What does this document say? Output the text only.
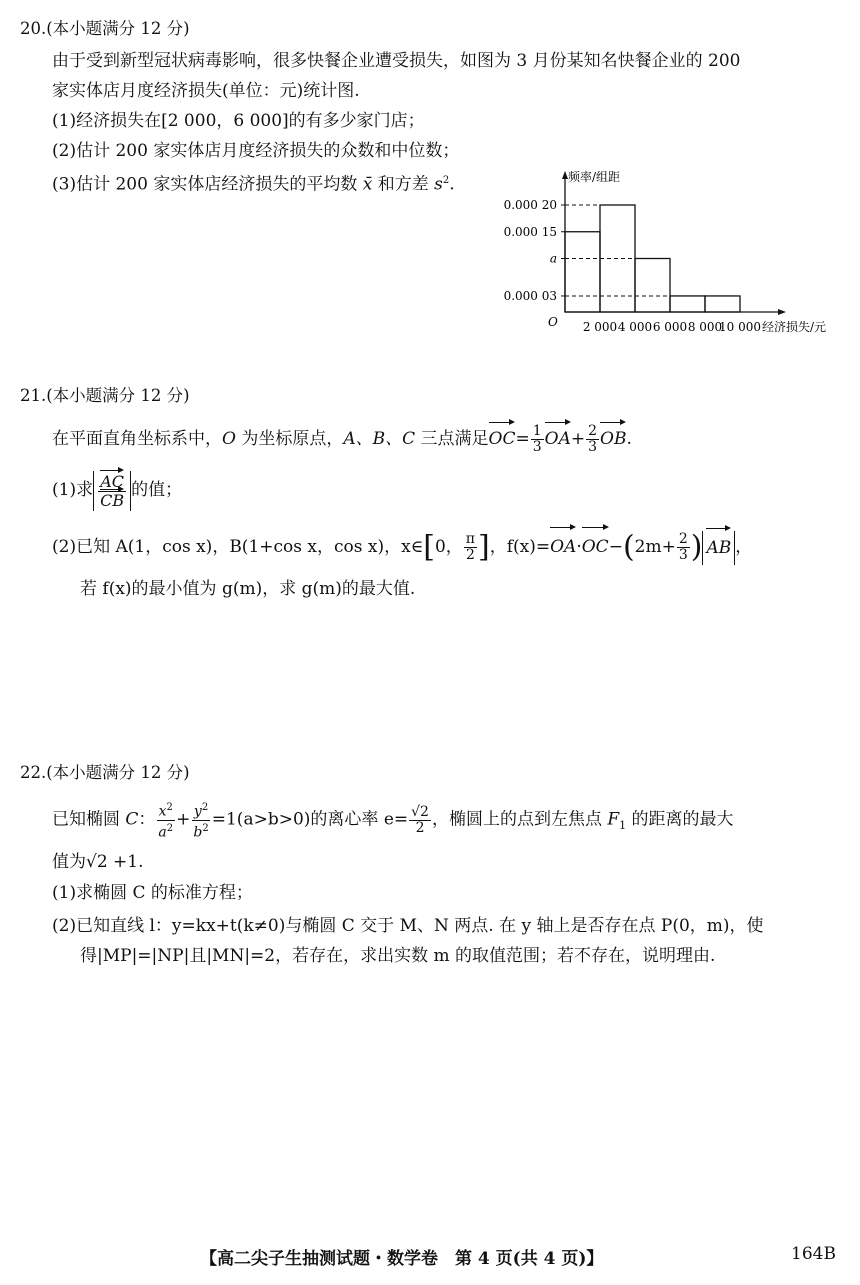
20.(本小题满分 12 分)
由于受到新型冠状病毒影响，很多快餐企业遭受损失，如图为 3 月份某知名快餐企业的 200
家实体店月度经济损失(单位：元)统计图.
(1)经济损失在[2 000，6 000]的有多少家门店；
(2)估计 200 家实体店月度经济损失的众数和中位数；
(3)估计 200 家实体店经济损失的平均数 x̄ 和方差 $s^2$.	频率/组距
经济损失/元
O
0.000 20
0.000 15
a
0.000 03
2 000 4 000 6 000 8 000
10 000
21.(本小题满分 12 分)
在平面直角坐标系中，O 为坐标原点，A、B、C 三点满足$OC= \frac{1}{3} OA+ \frac{2}{3}$ OB.
(1)求 $\frac{AC}{CB}$ 的值；
(2)已知 A(1，cos x)，B(1+cos x，cos x)，x∈[0， $\frac{\pi}{2}$ ]，$f(x)=OA\cdot OC-(2m+ \frac{2}{3}$ ) AB ，
若 f(x)的最小值为 g(m)，求 g(m)的最大值.
22.(本小题满分 12 分)
已知椭圆 C： $\frac{x^2}{a^2} + \frac{y^2}{b^2} =1(a>b>0)$的离心率 $e= \frac{√2}{2}$ ，椭圆上的点到左焦点 $F_1$ 的距离的最大
值为√2 +1.
(1)求椭圆 C 的标准方程；
(2)已知直线 l：y=kx+t(k≠0)与椭圆 C 交于 M、N 两点. 在 y 轴上是否存在点 P(0，m)，使
得|MP|=|NP|且|MN|=2，若存在，求出实数 m 的取值范围；若不存在，说明理由.
【高二尖子生抽测试题・数学卷　第 4 页(共 4 页)】	164B
